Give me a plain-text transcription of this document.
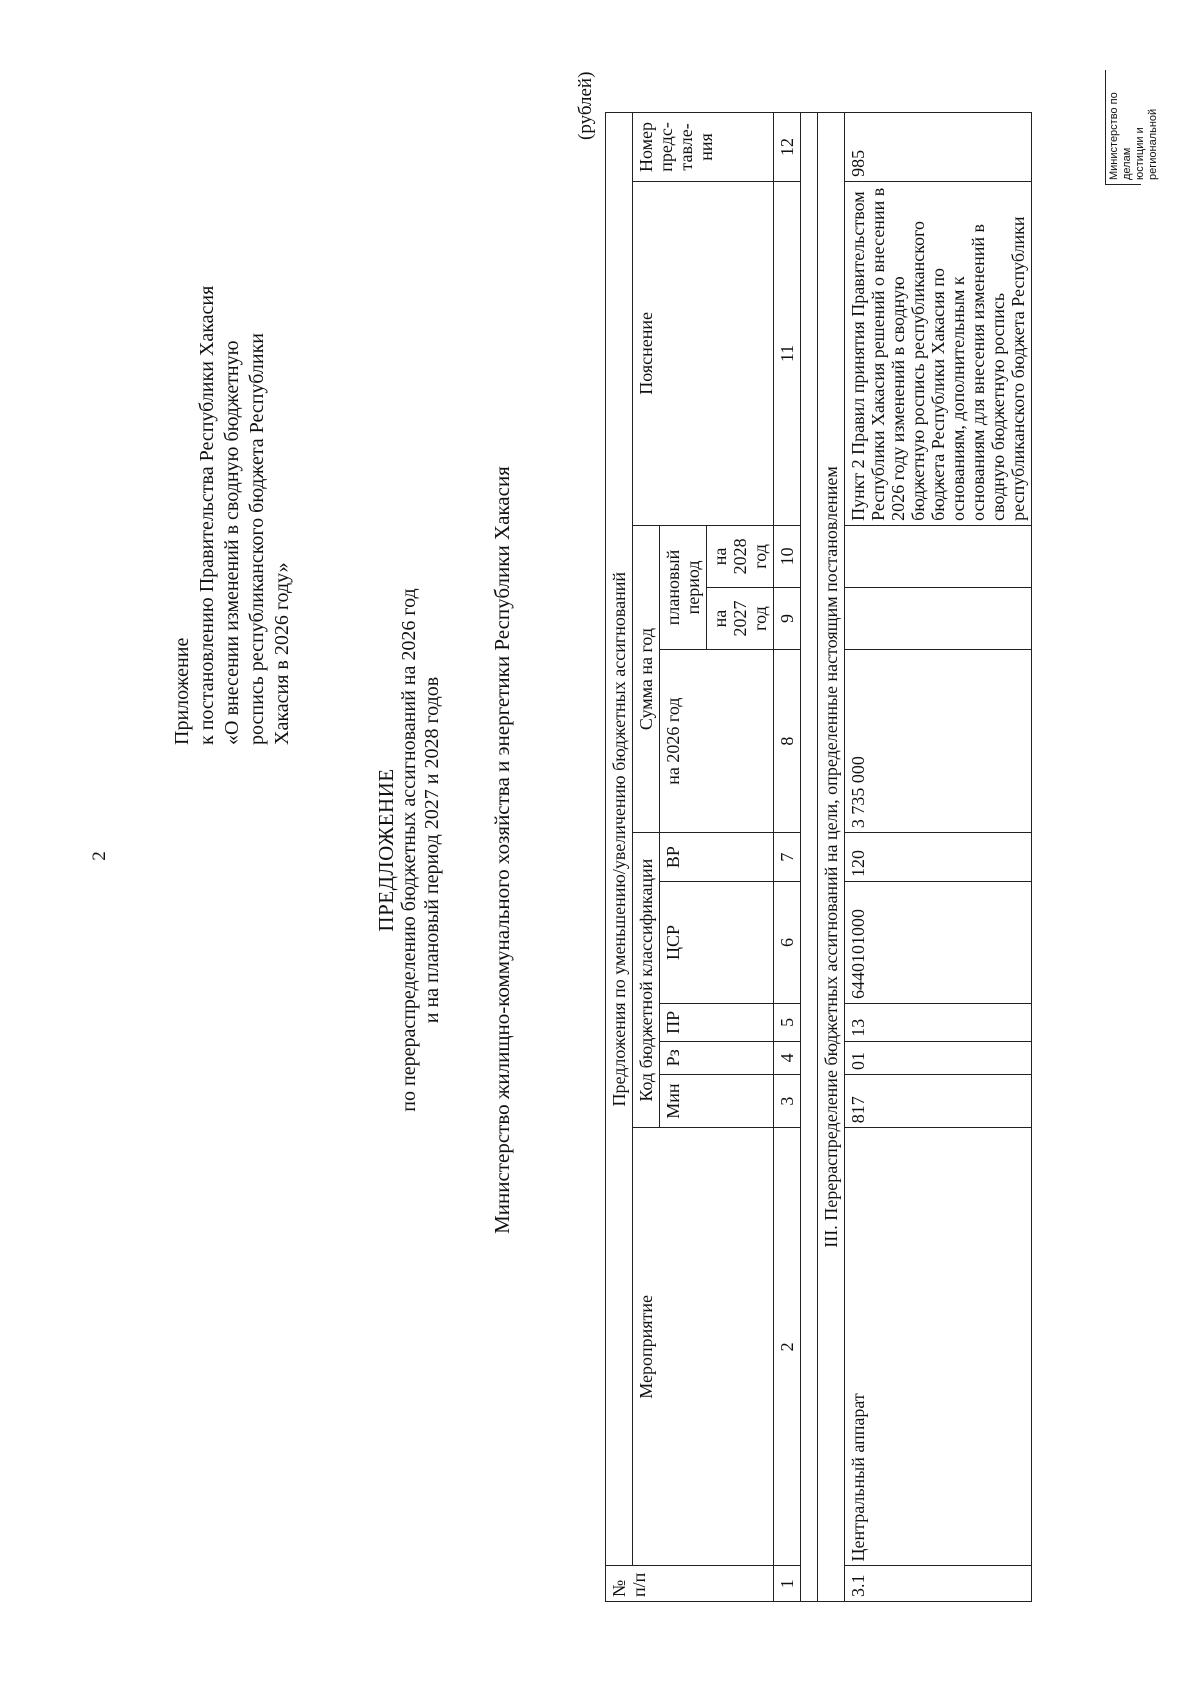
2
Приложение к постановлению Правительства Республики Хакасия «О внесении изменений в сводную бюджетную роспись республиканского бюджета Республики Хакасия в 2026 году»
ПРЕДЛОЖЕНИЕ по перераспределению бюджетных ассигнований на 2026 год и на плановый период 2027 и 2028 годов Министерство жилищно-коммунального хозяйства и энергетики Республики Хакасия
(рублей)
№ п/п	Предложения по уменьшению/увеличению бюджетных ассигнований										
	Мероприятие	Код бюджетной классификации					Сумма на год			Пояснение	Номер предс-тавле-ния
		Мин	Рз	ПР	ЦСР	ВР	на 2026 год	плановый период			
								на 2027 год	на 2028 год		
1	2	3	4	5	6	7	8	9	10	11	12

III. Перераспределение бюджетных ассигнований на цели, определенные настоящим постановлением											
3.1	Центральный аппарат	817	01	13	6440101000	120	3 735 000			Пункт 2 Правил принятия Правительством Республики Хакасия решений о внесении в 2026 году изменений в сводную бюджетную роспись республиканского бюджета Республики Хакасия по основаниям, дополнительным к основаниям для внесения изменений в сводную бюджетную роспись республиканского бюджета Республики	985	Министерство по делам юстиции и региональной
